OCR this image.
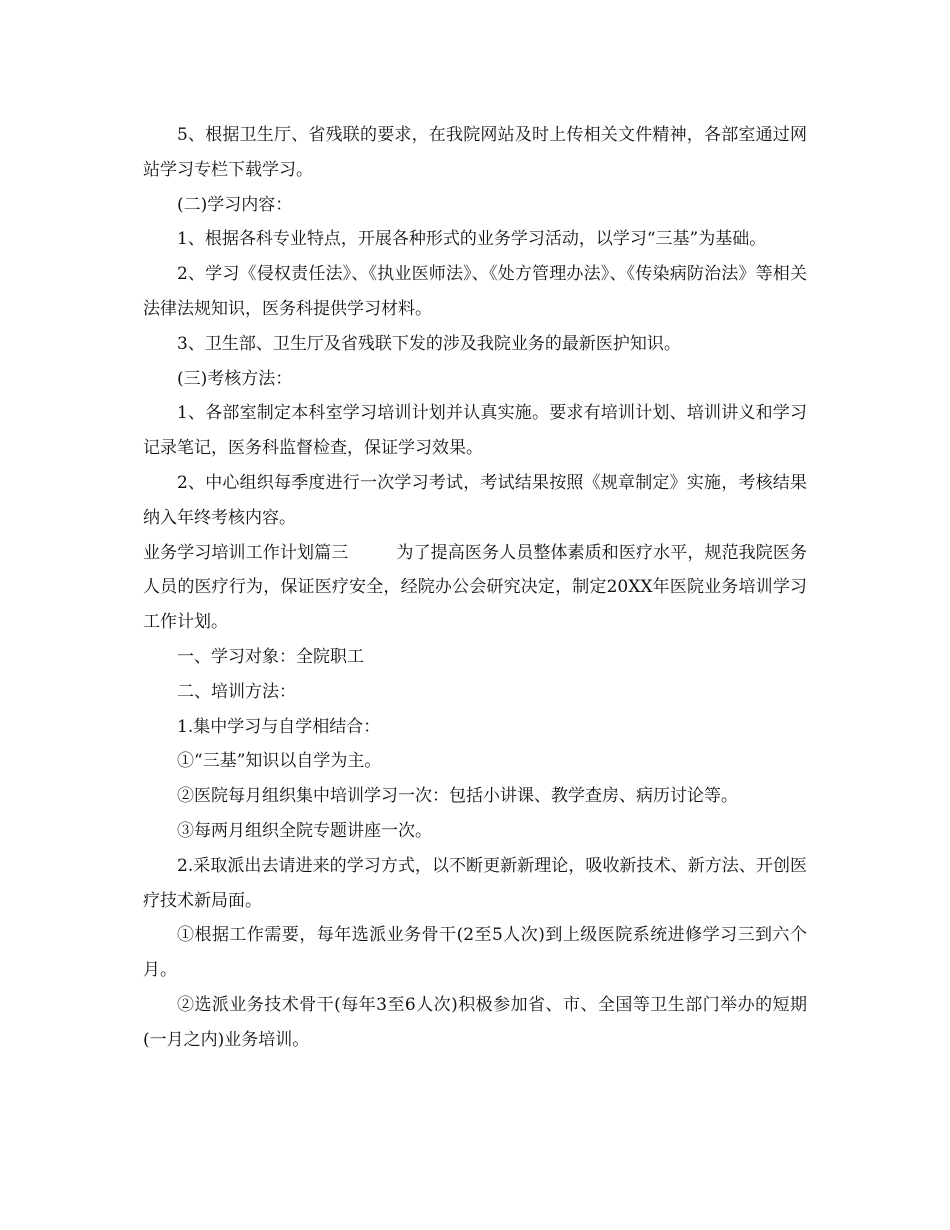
5、根据卫生厅、省残联的要求，在我院网站及时上传相关文件精神，各部室通过网站学习专栏下载学习。

(二)学习内容：

1、根据各科专业特点，开展各种形式的业务学习活动，以学习“三基”为基础。

2、学习《侵权责任法》、《执业医师法》、《处方管理办法》、《传染病防治法》等相关法律法规知识，医务科提供学习材料。

3、卫生部、卫生厅及省残联下发的涉及我院业务的最新医护知识。

(三)考核方法：

1、各部室制定本科室学习培训计划并认真实施。要求有培训计划、培训讲义和学习记录笔记，医务科监督检查，保证学习效果。

2、中心组织每季度进行一次学习考试，考试结果按照《规章制定》实施，考核结果纳入年终考核内容。

业务学习培训工作计划篇三	为了提高医务人员整体素质和医疗水平，规范我院医务人员的医疗行为，保证医疗安全，经院办公会研究决定，制定20XX年医院业务培训学习工作计划。

一、学习对象：全院职工

二、培训方法：

1.集中学习与自学相结合：

①“三基”知识以自学为主。

②医院每月组织集中培训学习一次：包括小讲课、教学查房、病历讨论等。

③每两月组织全院专题讲座一次。

2.采取派出去请进来的学习方式，以不断更新新理论，吸收新技术、新方法、开创医疗技术新局面。

①根据工作需要，每年选派业务骨干(2至5人次)到上级医院系统进修学习三到六个月。

②选派业务技术骨干(每年3至6人次)积极参加省、市、全国等卫生部门举办的短期(一月之内)业务培训。
